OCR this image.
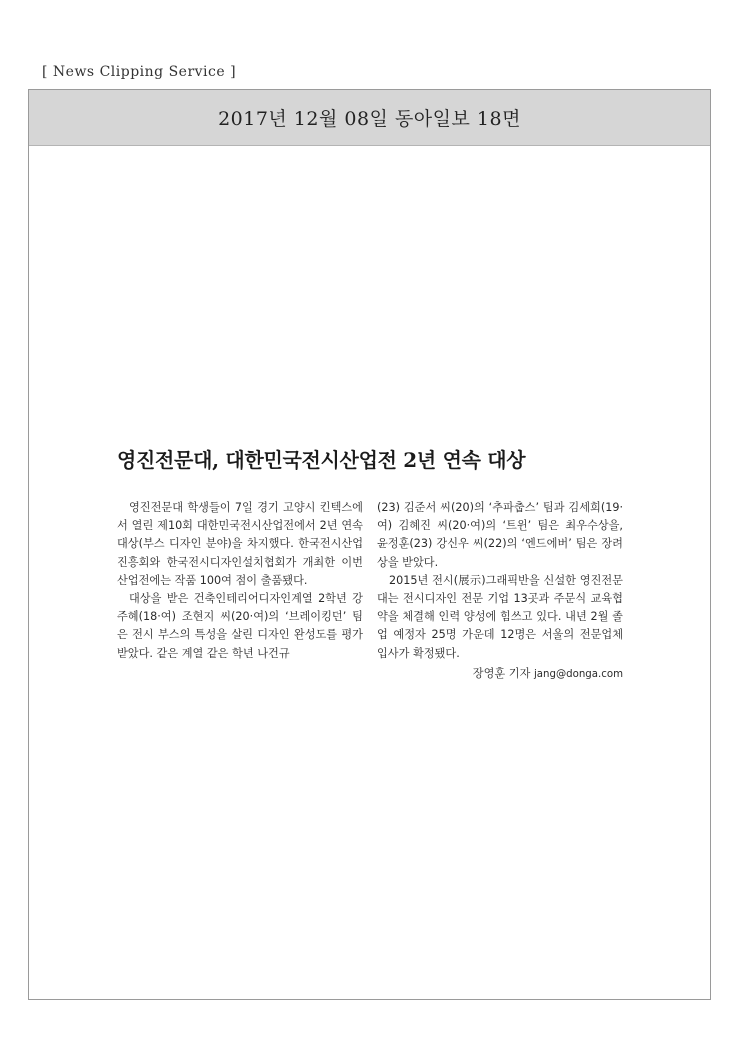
[ News Clipping Service ]
2017년 12월 08일 동아일보 18면
영진전문대, 대한민국전시산업전 2년 연속 대상

영진전문대 학생들이 7일 경기 고양시 킨텍스에서 열린 제10회 대한민국전시산업전에서 2년 연속 대상(부스 디자인 분야)을 차지했다. 한국전시산업진흥회와 한국전시디자인설치협회가 개최한 이번 산업전에는 작품 100여 점이 출품됐다.

대상을 받은 건축인테리어디자인계열 2학년 강주혜(18·여) 조현지 씨(20·여)의 ‘브레이킹던’ 팀은 전시 부스의 특성을 살린 디자인 완성도를 평가받았다. 같은 계열 같은 학년 나건규

(23) 김준서 씨(20)의 ‘추파춥스’ 팀과 김세희(19·여) 김혜진 씨(20·여)의 ‘트윈’ 팀은 최우수상을, 윤정훈(23) 강신우 씨(22)의 ‘엔드에버’ 팀은 장려상을 받았다.

2015년 전시(展示)그래픽반을 신설한 영진전문대는 전시디자인 전문 기업 13곳과 주문식 교육협약을 체결해 인력 양성에 힘쓰고 있다. 내년 2월 졸업 예정자 25명 가운데 12명은 서울의 전문업체 입사가 확정됐다.

장영훈 기자 jang@donga.com
